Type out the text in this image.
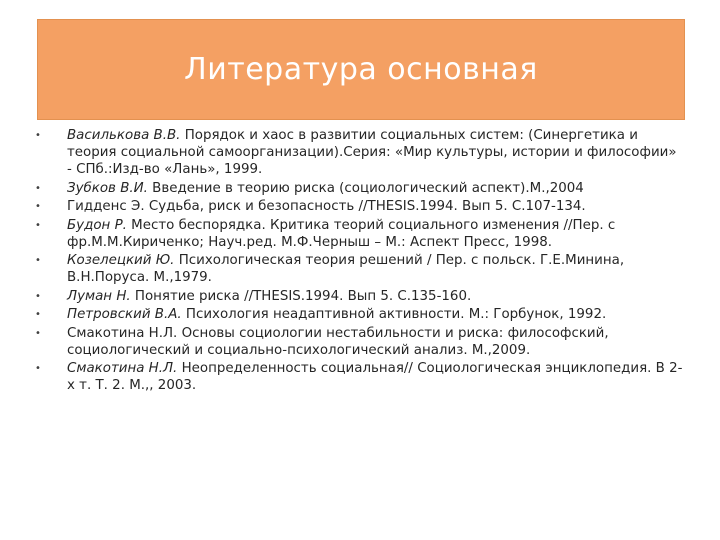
Литература основная
• Василькова В.В. Порядок и хаос в развитии социальных систем: (Синергетика и теория социальной самоорганизации).Серия: «Мир культуры, истории и философии» - СПб.:Изд-во «Лань», 1999.
• Зубков В.И. Введение в теорию риска (социологический аспект).М.,2004
• Гидденс Э. Судьба, риск и безопасность //THESIS.1994. Вып 5. С.107-134.
• Будон Р. Место беспорядка. Критика теорий социального изменения //Пер. с фр.М.М.Кириченко; Науч.ред. М.Ф.Черныш – М.: Аспект Пресс, 1998.
• Козелецкий Ю. Психологическая теория решений / Пер. с польск. Г.Е.Минина, В.Н.Поруса. М.,1979.
• Луман Н. Понятие риска //THESIS.1994. Вып 5. С.135-160.
• Петровский В.А. Психология неадаптивной активности. М.: Горбунок, 1992.
• Смакотина Н.Л. Основы социологии нестабильности и риска: философский, социологический и социально-психологический анализ. М.,2009.
• Смакотина Н.Л. Неопределенность социальная// Социологическая энциклопедия. В 2-х т. Т. 2. М.,, 2003.
